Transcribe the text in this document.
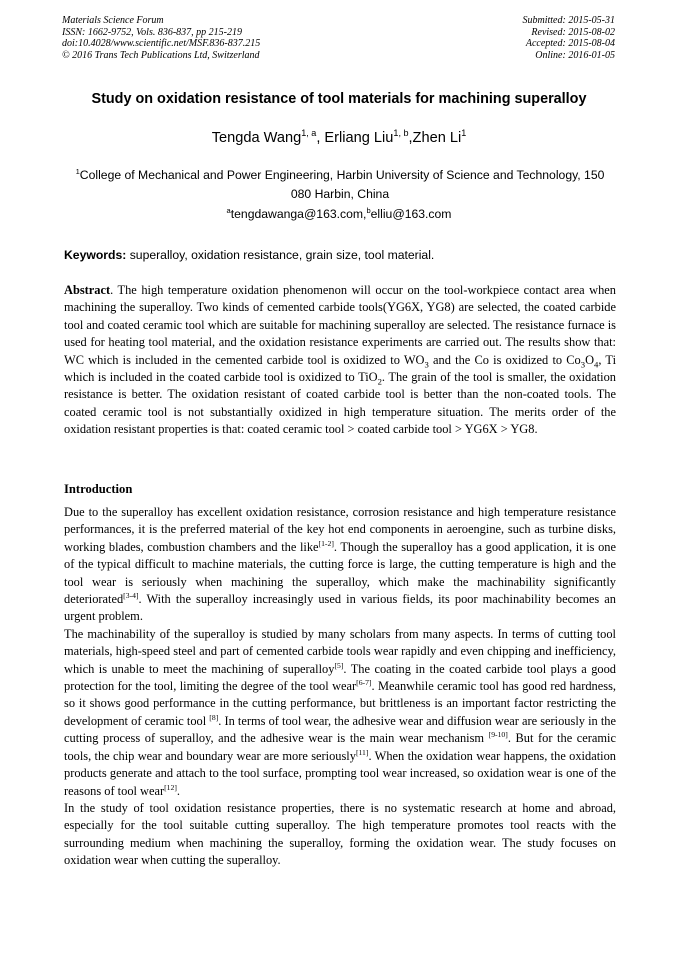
Materials Science Forum
ISSN: 1662-9752, Vols. 836-837, pp 215-219
doi:10.4028/www.scientific.net/MSF.836-837.215
© 2016 Trans Tech Publications Ltd, Switzerland
Submitted: 2015-05-31
Revised: 2015-08-02
Accepted: 2015-08-04
Online: 2016-01-05
Study on oxidation resistance of tool materials for machining superalloy
Tengda Wang$^{1, a}$, Erliang Liu$^{1, b}$,Zhen Li$^1$
$^1$College of Mechanical and Power Engineering, Harbin University of Science and Technology, 150 080 Harbin, China
$^a$tengdawanga@163.com,$^b$elliu@163.com
Keywords: superalloy, oxidation resistance, grain size, tool material.
Abstract. The high temperature oxidation phenomenon will occur on the tool-workpiece contact area when machining the superalloy. Two kinds of cemented carbide tools(YG6X, YG8) are selected, the coated carbide tool and coated ceramic tool which are suitable for machining superalloy are selected. The resistance furnace is used for heating tool material, and the oxidation resistance experiments are carried out. The results show that: WC which is included in the cemented carbide tool is oxidized to $WO_3$ and the Co is oxidized to $Co_3O_4$, Ti which is included in the coated carbide tool is oxidized to TiO$_2$. The grain of the tool is smaller, the oxidation resistance is better. The oxidation resistant of coated carbide tool is better than the non-coated tools. The coated ceramic tool is not substantially oxidized in high temperature situation. The merits order of the oxidation resistant properties is that: coated ceramic tool > coated carbide tool > YG6X > YG8.
Introduction

Due to the superalloy has excellent oxidation resistance, corrosion resistance and high temperature resistance performances, it is the preferred material of the key hot end components in aeroengine, such as turbine disks, working blades, combustion chambers and the like[1-2]. Though the superalloy has a good application, it is one of the typical difficult to machine materials, the cutting force is large, the cutting temperature is high and the tool wear is seriously when machining the superalloy, which make the machinability significantly deteriorated[3-4]. With the superalloy increasingly used in various fields, its poor machinability becomes an urgent problem.

The machinability of the superalloy is studied by many scholars from many aspects. In terms of cutting tool materials, high-speed steel and part of cemented carbide tools wear rapidly and even chipping and inefficiency, which is unable to meet the machining of superalloy[5]. The coating in the coated carbide tool plays a good protection for the tool, limiting the degree of the tool wear[6-7]. Meanwhile ceramic tool has good red hardness, so it shows good performance in the cutting performance, but brittleness is an important factor restricting the development of ceramic tool [8]. In terms of tool wear, the adhesive wear and diffusion wear are seriously in the cutting process of superalloy, and the adhesive wear is the main wear mechanism [9-10]. But for the ceramic tools, the chip wear and boundary wear are more seriously[11]. When the oxidation wear happens, the oxidation products generate and attach to the tool surface, prompting tool wear increased, so oxidation wear is one of the reasons of tool wear[12].

In the study of tool oxidation resistance properties, there is no systematic research at home and abroad, especially for the tool suitable cutting superalloy. The high temperature promotes tool reacts with the surrounding medium when machining the superalloy, forming the oxidation wear. The study focuses on oxidation wear when cutting the superalloy.
